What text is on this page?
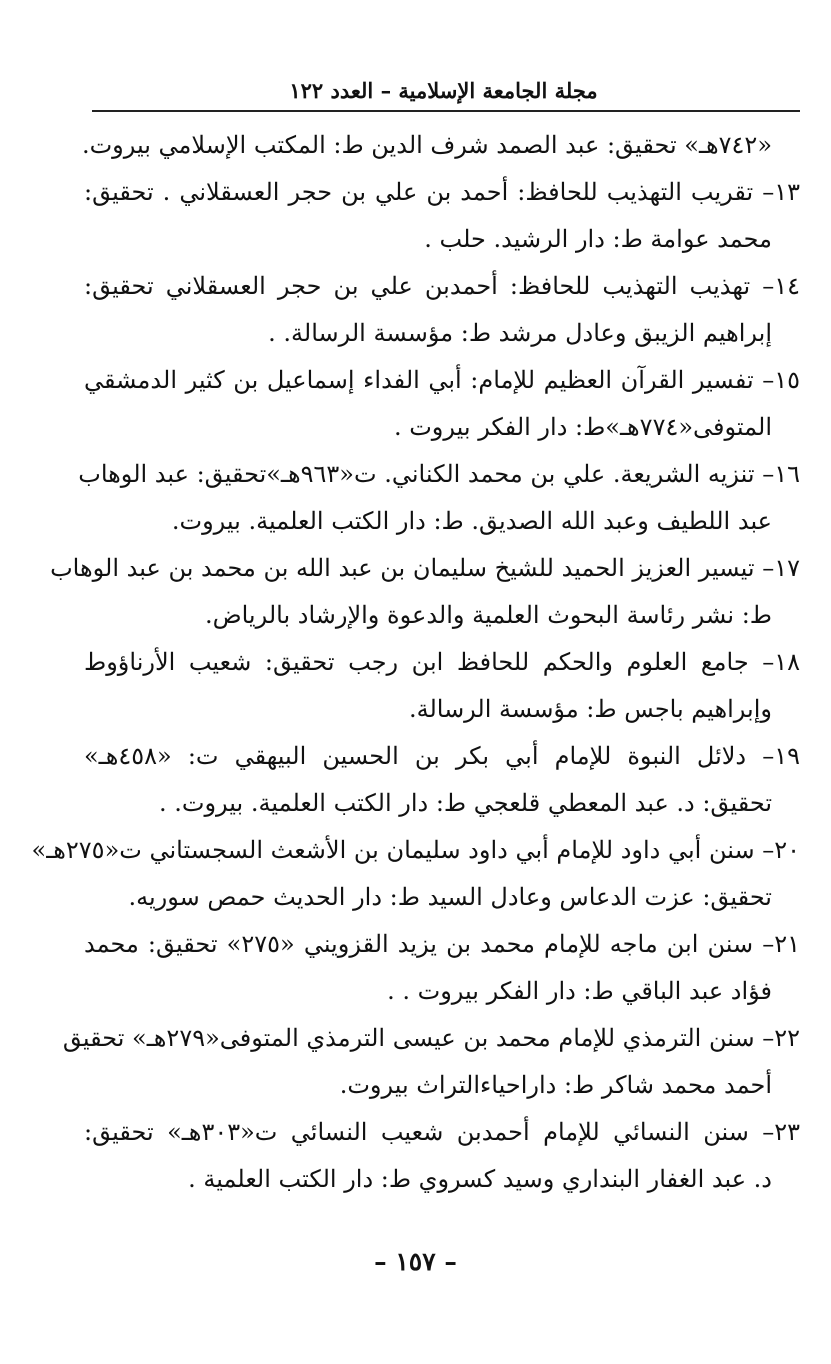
مجلة الجامعة الإسلامية – العدد ١٢٢
«٧٤٢هـ» تحقيق: عبد الصمد شرف الدين ط: المكتب الإسلامي بيروت.
١٣– تقريب التهذيب للحافظ: أحمد بن علي بن حجر العسقلاني . تحقيق:
محمد عوامة ط: دار الرشيد. حلب .
١٤– تهذيب التهذيب للحافظ: أحمدبن علي بن حجر العسقلاني تحقيق:
إبراهيم الزيبق وعادل مرشد ط: مؤسسة الرسالة. .
١٥– تفسير القرآن العظيم للإمام: أبي الفداء إسماعيل بن كثير الدمشقي
المتوفى«٧٧٤هـ»ط: دار الفكر بيروت .
١٦– تنزيه الشريعة. علي بن محمد الكناني. ت«٩٦٣هـ»تحقيق: عبد الوهاب
عبد اللطيف وعبد الله الصديق. ط: دار الكتب العلمية. بيروت.
١٧– تيسير العزيز الحميد للشيخ سليمان بن عبد الله بن محمد بن عبد الوهاب
ط: نشر رئاسة البحوث العلمية والدعوة والإرشاد بالرياض.
١٨– جامع العلوم والحكم للحافظ ابن رجب تحقيق: شعيب الأرناؤوط
وإبراهيم باجس ط: مؤسسة الرسالة.
١٩– دلائل النبوة للإمام أبي بكر بن الحسين البيهقي ت: «٤٥٨هـ»
تحقيق: د. عبد المعطي قلعجي ط: دار الكتب العلمية. بيروت. .
٢٠– سنن أبي داود للإمام أبي داود سليمان بن الأشعث السجستاني ت«٢٧٥هـ»
تحقيق: عزت الدعاس وعادل السيد ط: دار الحديث حمص سوريه.
٢١– سنن ابن ماجه للإمام محمد بن يزيد القزويني «٢٧٥» تحقيق: محمد
فؤاد عبد الباقي ط: دار الفكر بيروت . .
٢٢– سنن الترمذي للإمام محمد بن عيسى الترمذي المتوفى«٢٧٩هـ» تحقيق
أحمد محمد شاكر ط: داراحياءالتراث بيروت.
٢٣– سنن النسائي للإمام أحمدبن شعيب النسائي ت«٣٠٣هـ» تحقيق:
د. عبد الغفار البنداري وسيد كسروي ط: دار الكتب العلمية .
– ١٥٧ –
